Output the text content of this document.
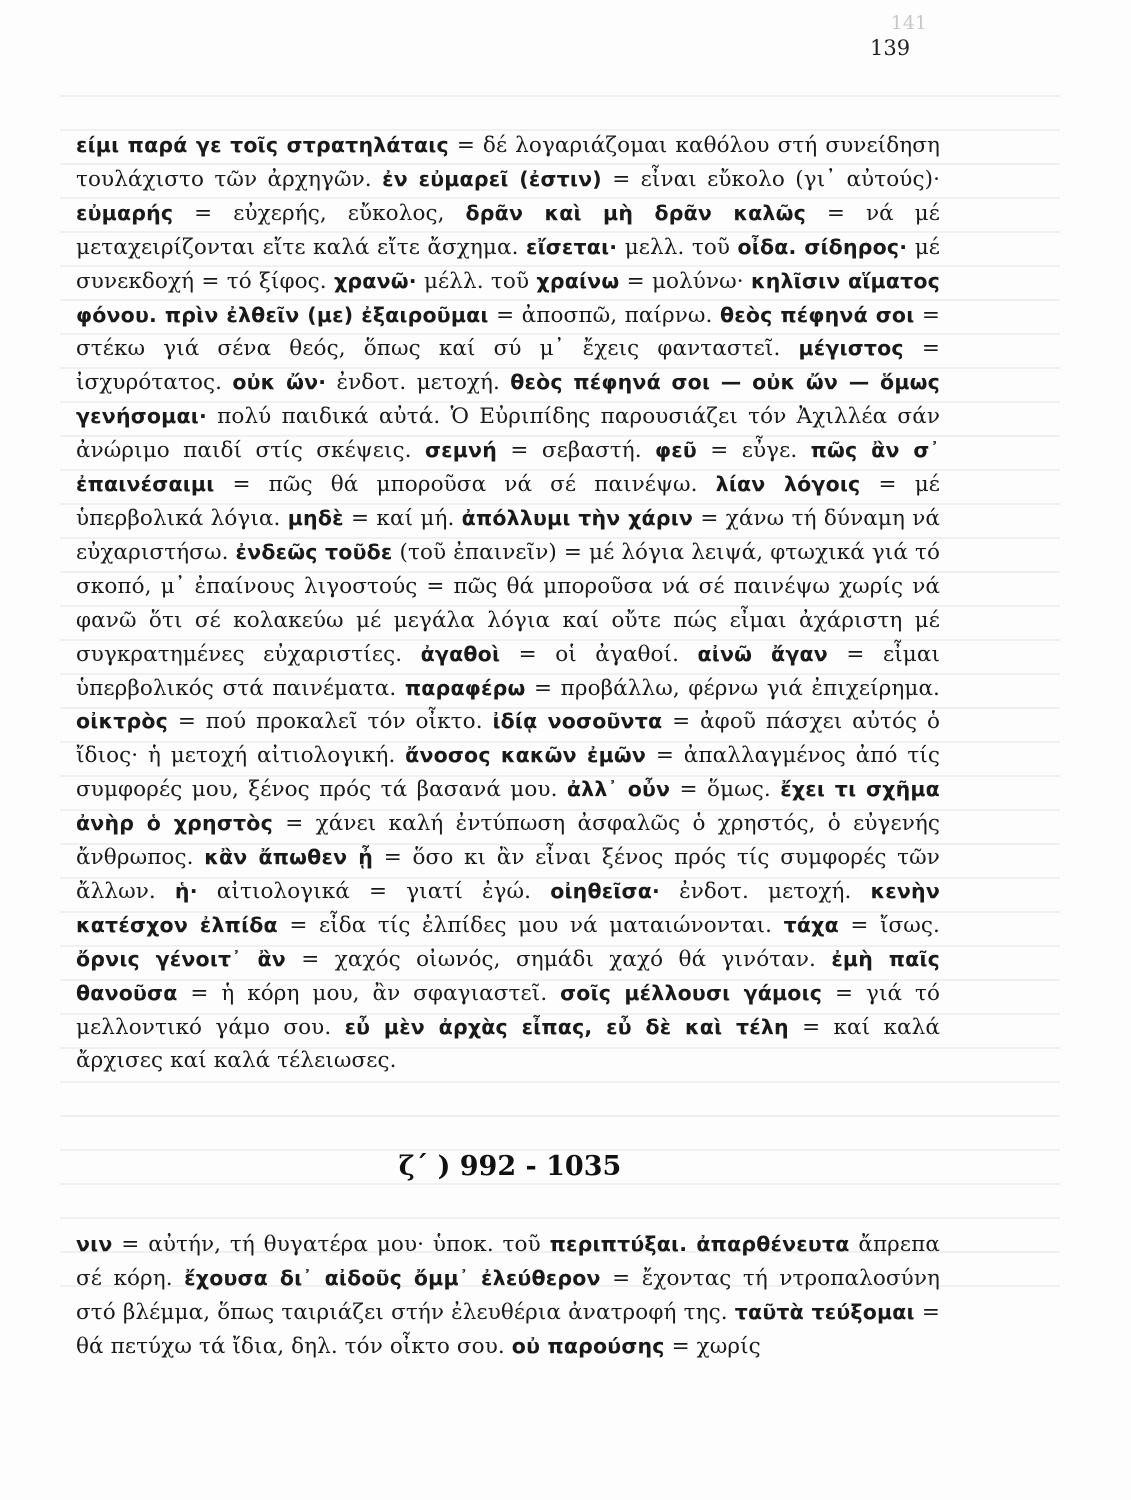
141
139
είμι παρά γε τοῖς στρατηλάταις = δέ λογαριάζομαι καθόλου στή συνείδηση τουλάχιστο τῶν ἀρχηγῶν. ἐν εὐμαρεῖ (ἐστιν) = εἶναι εὔκολο (γι᾽ αὐτούς)· εὐμαρής = εὐχερής, εὔκολος, δρᾶν καὶ μὴ δρᾶν καλῶς = νά μέ μεταχειρίζονται εἴτε καλά εἴτε ἄσχημα. εἴσεται· μελλ. τοῦ οἶδα. σίδηρος· μέ συνεκδοχή = τό ξίφος. χρανῶ· μέλλ. τοῦ χραίνω = μολύνω· κηλῖσιν αἵματος φόνου. πρὶν ἐλθεῖν (με) ἐξαιροῦμαι = ἀποσπῶ, παίρνω. θεὸς πέφηνά σοι = στέκω γιά σένα θεός, ὅπως καί σύ μ᾽ ἔχεις φανταστεῖ. μέγιστος = ἰσχυρότατος. οὐκ ὤν· ἐνδοτ. μετοχή. θεὸς πέφηνά σοι — οὐκ ὤν — ὅμως γενήσομαι· πολύ παιδικά αὐτά. Ὁ Εὐριπίδης παρουσιάζει τόν Ἀχιλλέα σάν ἀνώριμο παιδί στίς σκέψεις. σεμνή = σεβαστή. φεῦ = εὖγε. πῶς ἂν σ᾽ ἐπαινέσαιμι = πῶς θά μποροῦσα νά σέ παινέψω. λίαν λόγοις = μέ ὑπερβολικά λόγια. μηδὲ = καί μή. ἀπόλλυμι τὴν χάριν = χάνω τή δύναμη νά εὐχαριστήσω. ἐνδεῶς τοῦδε (τοῦ ἐπαινεῖν) = μέ λόγια λειψά, φτωχικά γιά τό σκοπό, μ᾽ ἐπαίνους λιγοστούς = πῶς θά μποροῦσα νά σέ παινέψω χωρίς νά φανῶ ὅτι σέ κολακεύω μέ μεγάλα λόγια καί οὔτε πώς εἶμαι ἀχάριστη μέ συγκρατημένες εὐχαριστίες. ἀγαθοὶ = οἱ ἀγαθοί. αἰνῶ ἄγαν = εἶμαι ὑπερβολικός στά παινέματα. παραφέρω = προβάλλω, φέρνω γιά ἐπιχείρημα. οἰκτρὸς = πού προκαλεῖ τόν οἶκτο. ἰδίᾳ νοσοῦντα = ἀφοῦ πάσχει αὐτός ὁ ἴδιος· ἡ μετοχή αἰτιολογική. ἄνοσος κακῶν ἐμῶν = ἀπαλλαγμένος ἀπό τίς συμφορές μου, ξένος πρός τά βασανά μου. ἀλλ᾽ οὖν = ὅμως. ἔχει τι σχῆμα ἀνὴρ ὁ χρηστὸς = χάνει καλή ἐντύπωση ἀσφαλῶς ὁ χρηστός, ὁ εὐγενής ἄνθρωπος. κἂν ἄπωθεν ᾖ = ὅσο κι ἂν εἶναι ξένος πρός τίς συμφορές τῶν ἄλλων. ἡ· αἰτιολογικά = γιατί ἐγώ. οἰηθεῖσα· ἐνδοτ. μετοχή. κενὴν κατέσχον ἐλπίδα = εἶδα τίς ἐλπίδες μου νά ματαιώνονται. τάχα = ἴσως. ὄρνις γένοιτ᾽ ἂν = χαχός οἰωνός, σημάδι χαχό θά γινόταν. ἐμὴ παῖς θανοῦσα = ἡ κόρη μου, ἂν σφαγιαστεῖ. σοῖς μέλλουσι γάμοις = γιά τό μελλοντικό γάμο σου. εὖ μὲν ἀρχὰς εἶπας, εὖ δὲ καὶ τέλη = καί καλά ἄρχισες καί καλά τέλειωσες.
ζ΄ ) 992 - 1035
νιν = αὐτήν, τή θυγατέρα μου· ὑποκ. τοῦ περιπτύξαι. ἀπαρθένευτα ἄπρεπα σέ κόρη. ἔχουσα δι᾽ αἰδοῦς ὄμμ᾽ ἐλεύθερον = ἔχοντας τή ντροπαλοσύνη στό βλέμμα, ὅπως ταιριάζει στήν ἐλευθέρια ἀνατροφή της. ταῦτὰ τεύξομαι = θά πετύχω τά ἴδια, δηλ. τόν οἶκτο σου. οὐ παρούσης = χωρίς
